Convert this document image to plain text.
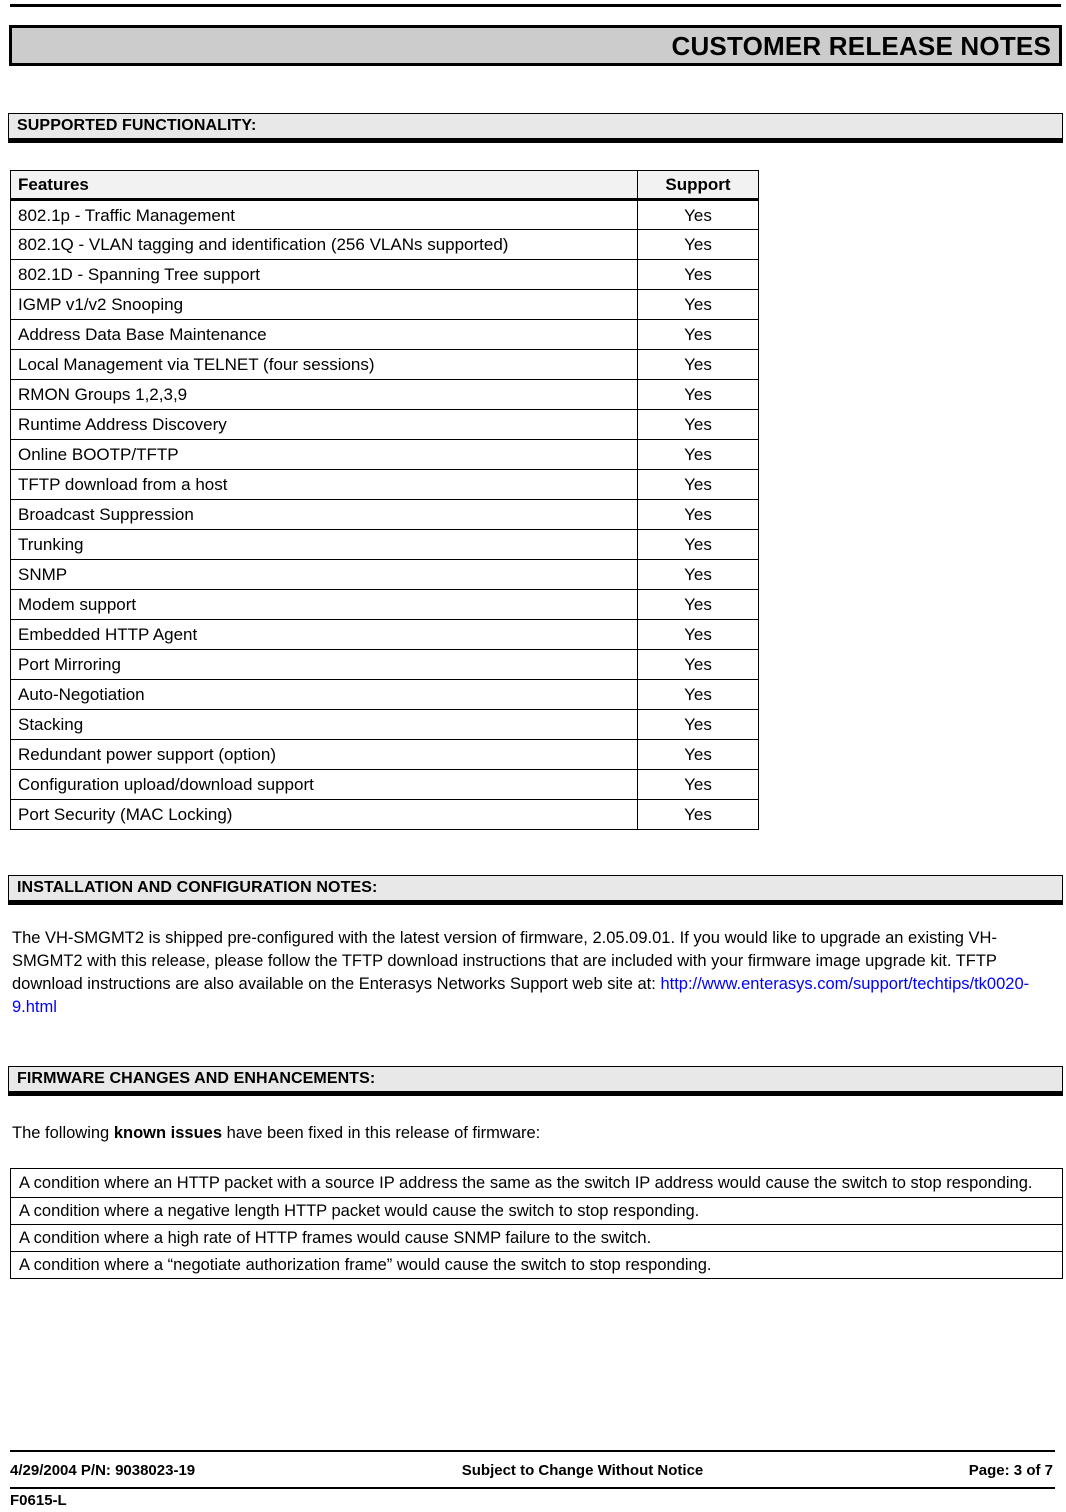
CUSTOMER RELEASE NOTES
SUPPORTED FUNCTIONALITY:
Features	Support
802.1p - Traffic Management	Yes
802.1Q - VLAN tagging and identification (256 VLANs supported)	Yes
802.1D - Spanning Tree support	Yes
IGMP v1/v2 Snooping	Yes
Address Data Base Maintenance	Yes
Local Management via TELNET (four sessions)	Yes
RMON Groups 1,2,3,9	Yes
Runtime Address Discovery	Yes
Online BOOTP/TFTP	Yes
TFTP download from a host	Yes
Broadcast Suppression	Yes
Trunking	Yes
SNMP	Yes
Modem support	Yes
Embedded HTTP Agent	Yes
Port Mirroring	Yes
Auto-Negotiation	Yes
Stacking	Yes
Redundant power support (option)	Yes
Configuration upload/download support	Yes
Port Security (MAC Locking)	Yes
INSTALLATION AND CONFIGURATION NOTES:
The VH-SMGMT2 is shipped pre-configured with the latest version of firmware, 2.05.09.01. If you would like to upgrade an existing VH-SMGMT2 with this release, please follow the TFTP download instructions that are included with your firmware image upgrade kit. TFTP download instructions are also available on the Enterasys Networks Support web site at: http://www.enterasys.com/support/techtips/tk0020-9.html
FIRMWARE CHANGES AND ENHANCEMENTS:
The following known issues have been fixed in this release of firmware:
A condition where an HTTP packet with a source IP address the same as the switch IP address would cause the switch to stop responding.
A condition where a negative length HTTP packet would cause the switch to stop responding.
A condition where a high rate of HTTP frames would cause SNMP failure to the switch.
A condition where a “negotiate authorization frame” would cause the switch to stop responding.
4/29/2004 P/N: 9038023-19	Subject to Change Without Notice	Page: 3 of 7
F0615-L
